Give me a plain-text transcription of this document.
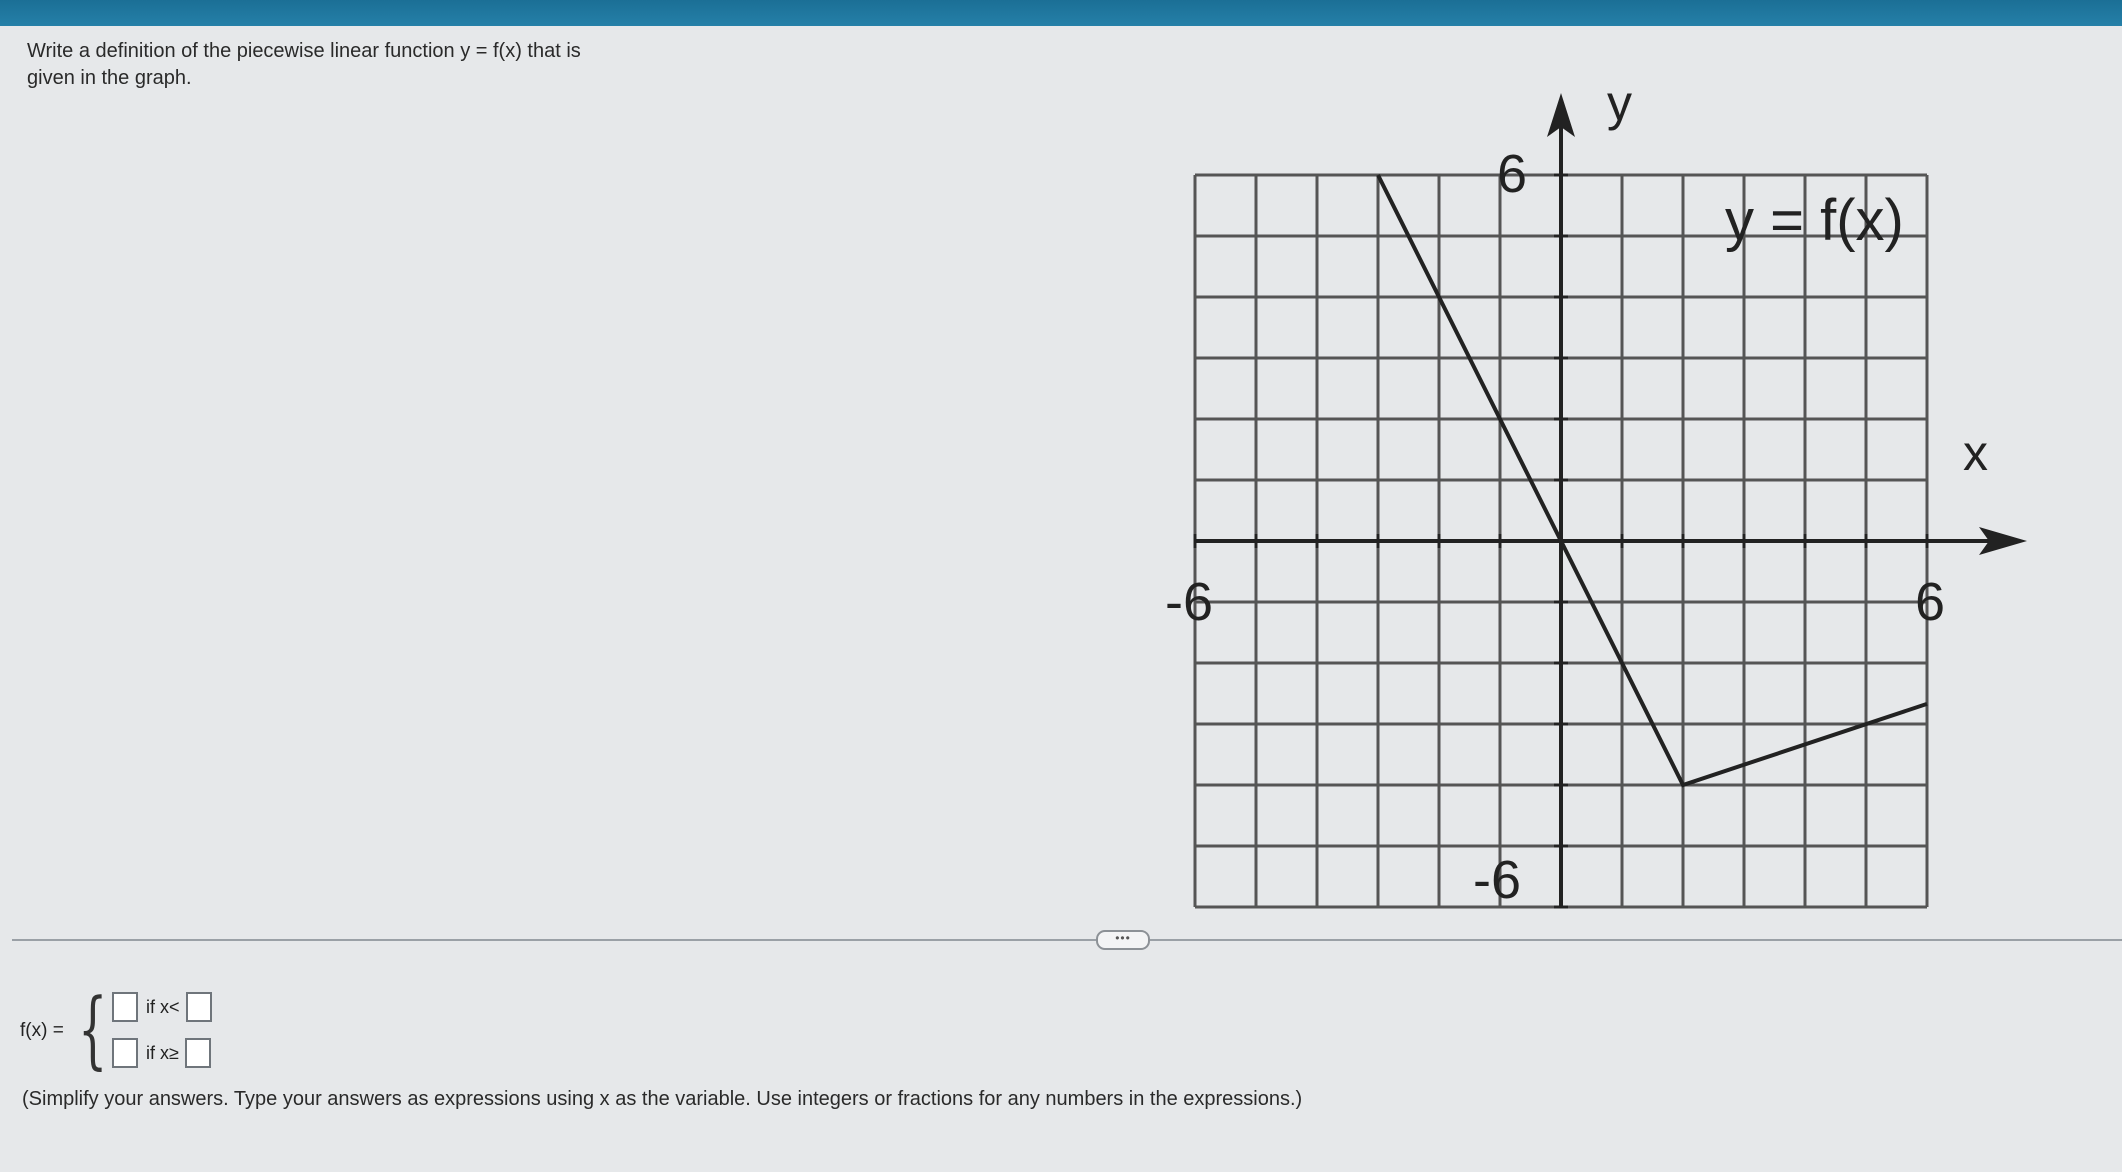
Write a definition of the piecewise linear function y = f(x) that is
given in the graph.	y
x
y = f(x)
-6	6
6
-6
•••
f(x) = { if x<
if x≥
(Simplify your answers. Type your answers as expressions using x as the variable. Use integers or fractions for any numbers in the expressions.)
